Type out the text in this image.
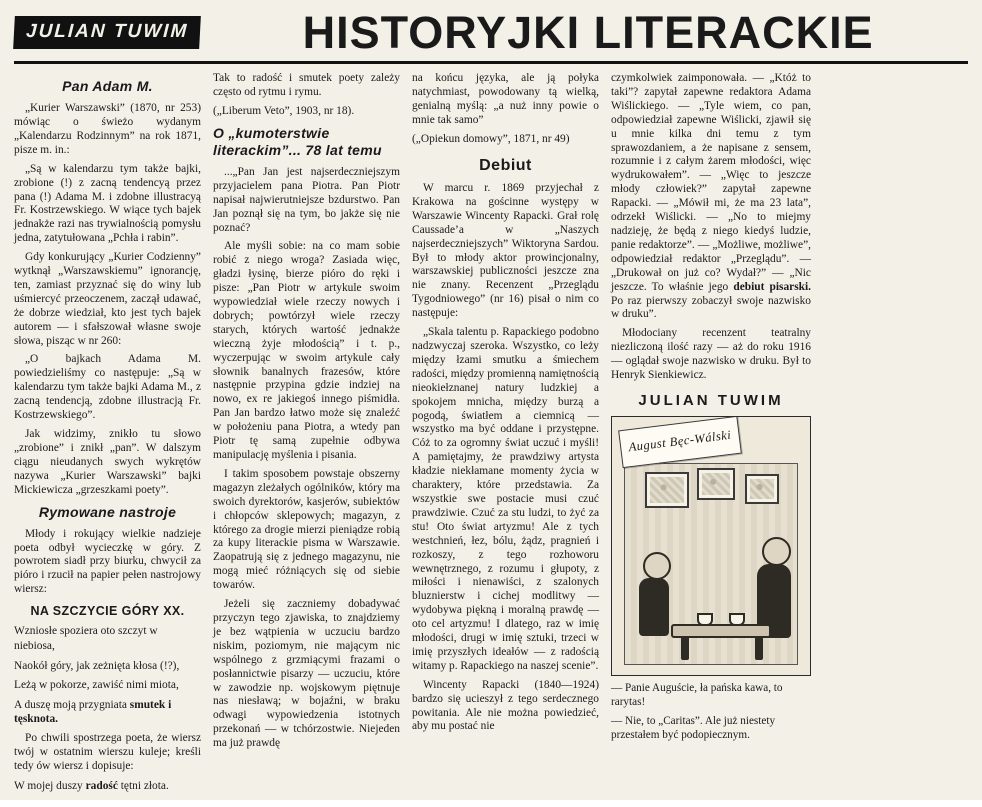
JULIAN TUWIM	HISTORYJKI LITERACKIE
Pan Adam M.

„Kurier Warszawski” (1870, nr 253) mówiąc o świeżo wydanym „Kalendarzu Rodzinnym” na rok 1871, pisze m. in.:

„Są w kalendarzu tym także bajki, zrobione (!) z zacną tendencyą przez pana (!) Adama M. i zdobne illustracyą Fr. Kostrzewskiego. W wiące tych bajek jednakże razi nas trywialnością pomysłu jedna, zatytułowana „Pchła i rabin”.

Gdy konkurujący „Kurier Codzienny” wytknął „Warszawskiemu” ignorancję, ten, zamiast przyznać się do winy lub uśmiercyć przeoczenem, zaczął udawać, że dobrze wiedział, kto jest tych bajek autorem — i sfałszował własne swoje słowa, pisząc w nr 260:

„O bajkach Adama M. powiedzieliśmy co następuje: „Są w kalendarzu tym także bajki Adama M., z zacną tendencją, zdobne illustracją Fr. Kostrzewskiego”.

Jak widzimy, znikło tu słowo „zrobione” i znikł „pan”. W dalszym ciągu nieudanych swych wykrętów nazywa „Kurier Warszawski” bajki Mickiewicza „grzeszkami poety”.

Rymowane nastroje

Młody i rokujący wielkie nadzieje poeta odbył wycieczkę w góry. Z powrotem siadł przy biurku, chwycił za pióro i rzucił na papier pełen nastrojowy wiersz:

NA SZCZYCIE GÓRY XX.

Wzniosłe spoziera oto szczyt w niebiosa,

Naokół góry, jak zeżnięta kłosa (!?),

Leżą w pokorze, zawiść nimi miota,

A duszę moją przygniata smutek i tęsknota.

Po chwili spostrzega poeta, że wiersz twój w ostatnim wierszu kuleje; kreśli tedy ów wiersz i dopisuje:

W mojej duszy radość tętni złota.

Tak to radość i smutek poety zależy często od rytmu i rymu.

(„Liberum Veto”, 1903, nr 18).

O „kumoterstwie literackim”... 78 lat temu

...„Pan Jan jest najserdeczniejszym przyjacielem pana Piotra. Pan Piotr napisał najwierutniejsze bzdurstwo. Pan Jan poznął się na tym, bo jakże się nie poznać?

Ale myśli sobie: na co mam sobie robić z niego wroga? Zasiada więc, gładzi łysinę, bierze pióro do ręki i pisze: „Pan Piotr w artykule swoim wypowiedział wiele rzeczy nowych i dobrych; powtórzył wiele rzeczy starych, których wartość jednakże wieczną żyje młodością” i t. p., wyczerpując w swoim artykule cały słownik banalnych frazesów, które następnie przypina gdzie indziej na nowo, ex re jakiegoś innego piśmidła. Pan Jan bardzo łatwo może się znaleźć w położeniu pana Piotra, a wtedy pan Piotr tę samą zupełnie odbywa manipulację myślenia i pisania.

I takim sposobem powstaje obszerny magazyn zleżałych ogólników, który ma swoich dyrektorów, kasjerów, subiektów i chłopców sklepowych; magazyn, z którego za drogie mierzi pieniądze robią za kupy literackie pisma w Warszawie. Zaopatrują się z jednego magazynu, nie mogą mieć różniących się od siebie towarów.

Jeżeli się zaczniemy dobadywać przyczyn tego zjawiska, to znajdziemy je bez wątpienia w uczuciu bardzo niskim, poziomym, nie mającym nic wspólnego z grzmiącymi frazami o posłannictwie pisarzy — uczuciu, które w zawodzie np. wojskowym piętnuje nas niesławą; w bojaźni, w braku odwagi wypowiedzenia istotnych przekonań — w tchórzostwie. Niejeden ma już prawdę

na końcu języka, ale ją połyka natychmiast, powodowany tą wielką, genialną myślą: „a nuż inny powie o mnie tak samo”

(„Opiekun domowy”, 1871, nr 49)

Debiut

W marcu r. 1869 przyjechał z Krakowa na gościnne występy w Warszawie Wincenty Rapacki. Grał rolę Caussade’a w „Naszych najserdeczniejszych” Wiktoryna Sardou. Był to młody aktor prowincjonalny, warszawskiej publiczności jeszcze zna nie znany. Recenzent „Przeglądu Tygodniowego” (nr 16) pisał o nim co następuje:

„Skala talentu p. Rapackiego podobno nadzwyczaj szeroka. Wszystko, co leży między łzami smutku a śmiechem radości, między promienną namiętnością nieokiełznanej natury ludzkiej a spokojem mnicha, między burzą a pogodą, światłem a ciemnicą — wszystko ma być oddane i przystępne. Cóż to za ogromny świat uczuć i myśli! A pamiętajmy, że prawdziwy artysta kładzie niekłamane momenty życia w charaktery, które przedstawia. Za wszystkie swe postacie musi czuć prawdziwie. Czuć za stu ludzi, to żyć za stu! Oto świat artyzmu! Ale z tych westchnień, łez, bólu, żądz, pragnień i rozkoszy, z tego rozhoworu wewnętrznego, z rozumu i głupoty, z miłości i nienawiści, z szalonych bluznierstw i cichej modlitwy — wydobywa piękną i moralną prawdę — oto cel artyzmu! I dlatego, raz w imię młodości, drugi w imię sztuki, trzeci w imię przyszłych ideałów — z radością witamy p. Rapackiego na naszej scenie”.

Wincenty Rapacki (1840—1924) bardzo się ucieszył z tego serdecznego powitania. Ale nie można powiedzieć, aby mu postać nie

czymkolwiek zaimponowała. — „Któż to taki”? zapytał zapewne redaktora Adama Wiślickiego. — „Tyle wiem, co pan, odpowiedział zapewne Wiślicki, zjawił się u mnie kilka dni temu z tym sprawozdaniem, a że napisane z sensem, rozumnie i z całym żarem młodości, więc wydrukowałem”. — „Więc to jeszcze młody człowiek?” zapytał zapewne Rapacki. — „Mówił mi, że ma 23 lata”, odrzekł Wiślicki. — „No to miejmy nadzieję, że będą z niego kiedyś ludzie, panie redaktorze”. — „Możliwe, możliwe”, odpowiedział redaktor „Przeglądu”. — „Drukował on już co? Wydał?” — „Nic jeszcze. To właśnie jego debiut pisarski. Po raz pierwszy zobaczył swoje nazwisko w druku”.

Młodociany recenzent teatralny niezliczoną ilość razy — aż do roku 1916 — oglądał swoje nazwisko w druku. Był to Henryk Sienkiewicz.

JULIAN TUWIM
August Bęc-Wálski

— Panie Auguście, ła pańska kawa, to rarytas!

— Nie, to „Caritas”. Ale już niestety przestałem być podopiecznym.
